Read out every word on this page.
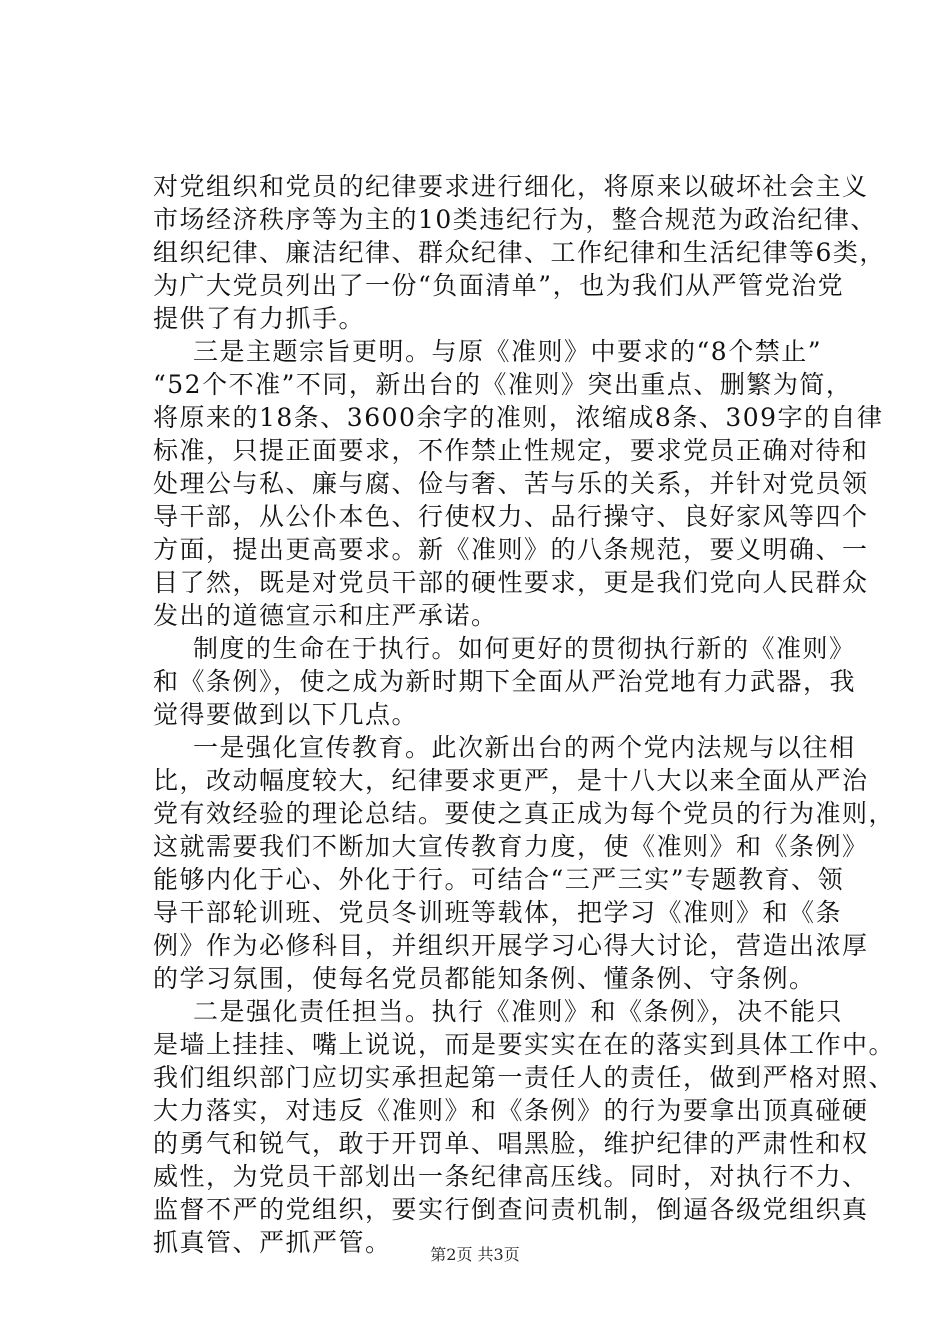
对党组织和党员的纪律要求进行细化，将原来以破坏社会主义
市场经济秩序等为主的10类违纪行为，整合规范为政治纪律、
组织纪律、廉洁纪律、群众纪律、工作纪律和生活纪律等6类，
为广大党员列出了一份“负面清单”，也为我们从严管党治党
提供了有力抓手。
三是主题宗旨更明。与原《准则》中要求的“8个禁止”
“52个不准”不同，新出台的《准则》突出重点、删繁为简，
将原来的18条、3600余字的准则，浓缩成8条、309字的自律
标准，只提正面要求，不作禁止性规定，要求党员正确对待和
处理公与私、廉与腐、俭与奢、苦与乐的关系，并针对党员领
导干部，从公仆本色、行使权力、品行操守、良好家风等四个
方面，提出更高要求。新《准则》的八条规范，要义明确、一
目了然，既是对党员干部的硬性要求，更是我们党向人民群众
发出的道德宣示和庄严承诺。
制度的生命在于执行。如何更好的贯彻执行新的《准则》
和《条例》，使之成为新时期下全面从严治党地有力武器，我
觉得要做到以下几点。
一是强化宣传教育。此次新出台的两个党内法规与以往相
比，改动幅度较大，纪律要求更严，是十八大以来全面从严治
党有效经验的理论总结。要使之真正成为每个党员的行为准则，
这就需要我们不断加大宣传教育力度，使《准则》和《条例》
能够内化于心、外化于行。可结合“三严三实”专题教育、领
导干部轮训班、党员冬训班等载体，把学习《准则》和《条
例》作为必修科目，并组织开展学习心得大讨论，营造出浓厚
的学习氛围，使每名党员都能知条例、懂条例、守条例。
二是强化责任担当。执行《准则》和《条例》，决不能只
是墙上挂挂、嘴上说说，而是要实实在在的落实到具体工作中。
我们组织部门应切实承担起第一责任人的责任，做到严格对照、
大力落实，对违反《准则》和《条例》的行为要拿出顶真碰硬
的勇气和锐气，敢于开罚单、唱黑脸，维护纪律的严肃性和权
威性，为党员干部划出一条纪律高压线。同时，对执行不力、
监督不严的党组织，要实行倒查问责机制，倒逼各级党组织真
抓真管、严抓严管。	第2页 共3页
